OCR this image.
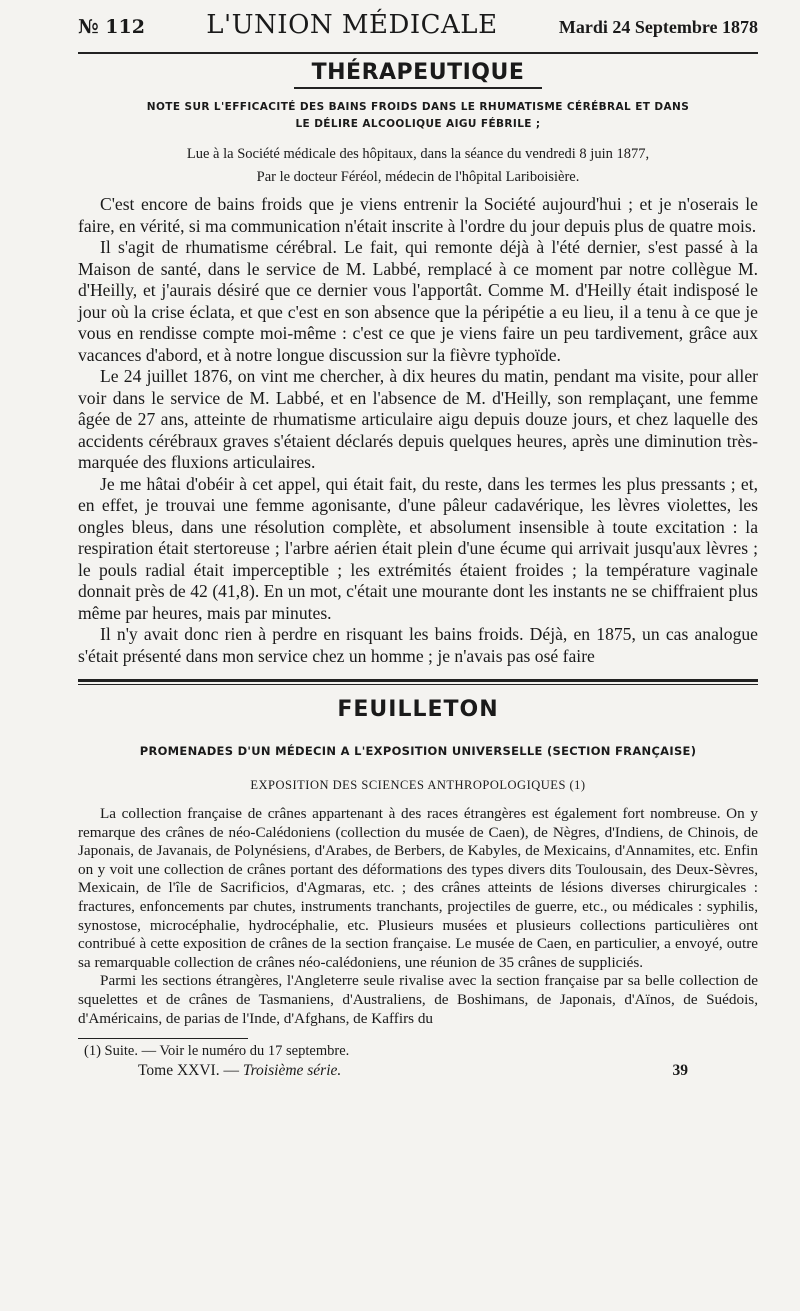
№ 112 L'UNION MÉDICALE	Mardi 24 Septembre 1878
THÉRAPEUTIQUE
NOTE SUR L'EFFICACITÉ DES BAINS FROIDS DANS LE RHUMATISME CÉRÉBRAL ET DANS
LE DÉLIRE ALCOOLIQUE AIGU FÉBRILE ;
Lue à la Société médicale des hôpitaux, dans la séance du vendredi 8 juin 1877,
Par le docteur Féréol, médecin de l'hôpital Lariboisière.

C'est encore de bains froids que je viens entrenir la Société aujourd'hui ; et je n'oserais le faire, en vérité, si ma communication n'était inscrite à l'ordre du jour depuis plus de quatre mois.

Il s'agit de rhumatisme cérébral. Le fait, qui remonte déjà à l'été dernier, s'est passé à la Maison de santé, dans le service de M. Labbé, remplacé à ce moment par notre collègue M. d'Heilly, et j'aurais désiré que ce dernier vous l'apportât. Comme M. d'Heilly était indisposé le jour où la crise éclata, et que c'est en son absence que la péripétie a eu lieu, il a tenu à ce que je vous en rendisse compte moi-même : c'est ce que je viens faire un peu tardivement, grâce aux vacances d'abord, et à notre longue discussion sur la fièvre typhoïde.

Le 24 juillet 1876, on vint me chercher, à dix heures du matin, pendant ma visite, pour aller voir dans le service de M. Labbé, et en l'absence de M. d'Heilly, son remplaçant, une femme âgée de 27 ans, atteinte de rhumatisme articulaire aigu depuis douze jours, et chez laquelle des accidents cérébraux graves s'étaient déclarés depuis quelques heures, après une diminution très-marquée des fluxions articulaires.

Je me hâtai d'obéir à cet appel, qui était fait, du reste, dans les termes les plus pressants ; et, en effet, je trouvai une femme agonisante, d'une pâleur cadavérique, les lèvres violettes, les ongles bleus, dans une résolution complète, et absolument insensible à toute excitation : la respiration était stertoreuse ; l'arbre aérien était plein d'une écume qui arrivait jusqu'aux lèvres ; le pouls radial était imperceptible ; les extrémités étaient froides ; la température vaginale donnait près de 42 (41,8). En un mot, c'était une mourante dont les instants ne se chiffraient plus même par heures, mais par minutes.

Il n'y avait donc rien à perdre en risquant les bains froids. Déjà, en 1875, un cas analogue s'était présenté dans mon service chez un homme ; je n'avais pas osé faire

FEUILLETON
PROMENADES D'UN MÉDECIN A L'EXPOSITION UNIVERSELLE (SECTION FRANÇAISE)
EXPOSITION DES SCIENCES ANTHROPOLOGIQUES (1)

La collection française de crânes appartenant à des races étrangères est également fort nombreuse. On y remarque des crânes de néo-Calédoniens (collection du musée de Caen), de Nègres, d'Indiens, de Chinois, de Japonais, de Javanais, de Polynésiens, d'Arabes, de Berbers, de Kabyles, de Mexicains, d'Annamites, etc. Enfin on y voit une collection de crânes portant des déformations des types divers dits Toulousain, des Deux-Sèvres, Mexicain, de l'île de Sacrificios, d'Agmaras, etc. ; des crânes atteints de lésions diverses chirurgicales : fractures, enfoncements par chutes, instruments tranchants, projectiles de guerre, etc., ou médicales : syphilis, synostose, microcéphalie, hydrocéphalie, etc. Plusieurs musées et plusieurs collections particulières ont contribué à cette exposition de crânes de la section française. Le musée de Caen, en particulier, a envoyé, outre sa remarquable collection de crânes néo-calédoniens, une réunion de 35 crânes de suppliciés.

Parmi les sections étrangères, l'Angleterre seule rivalise avec la section française par sa belle collection de squelettes et de crânes de Tasmaniens, d'Australiens, de Boshimans, de Japonais, d'Aïnos, de Suédois, d'Américains, de parias de l'Inde, d'Afghans, de Kaffirs du

(1) Suite. — Voir le numéro du 17 septembre.
Tome XXVI. — Troisième série.	39
